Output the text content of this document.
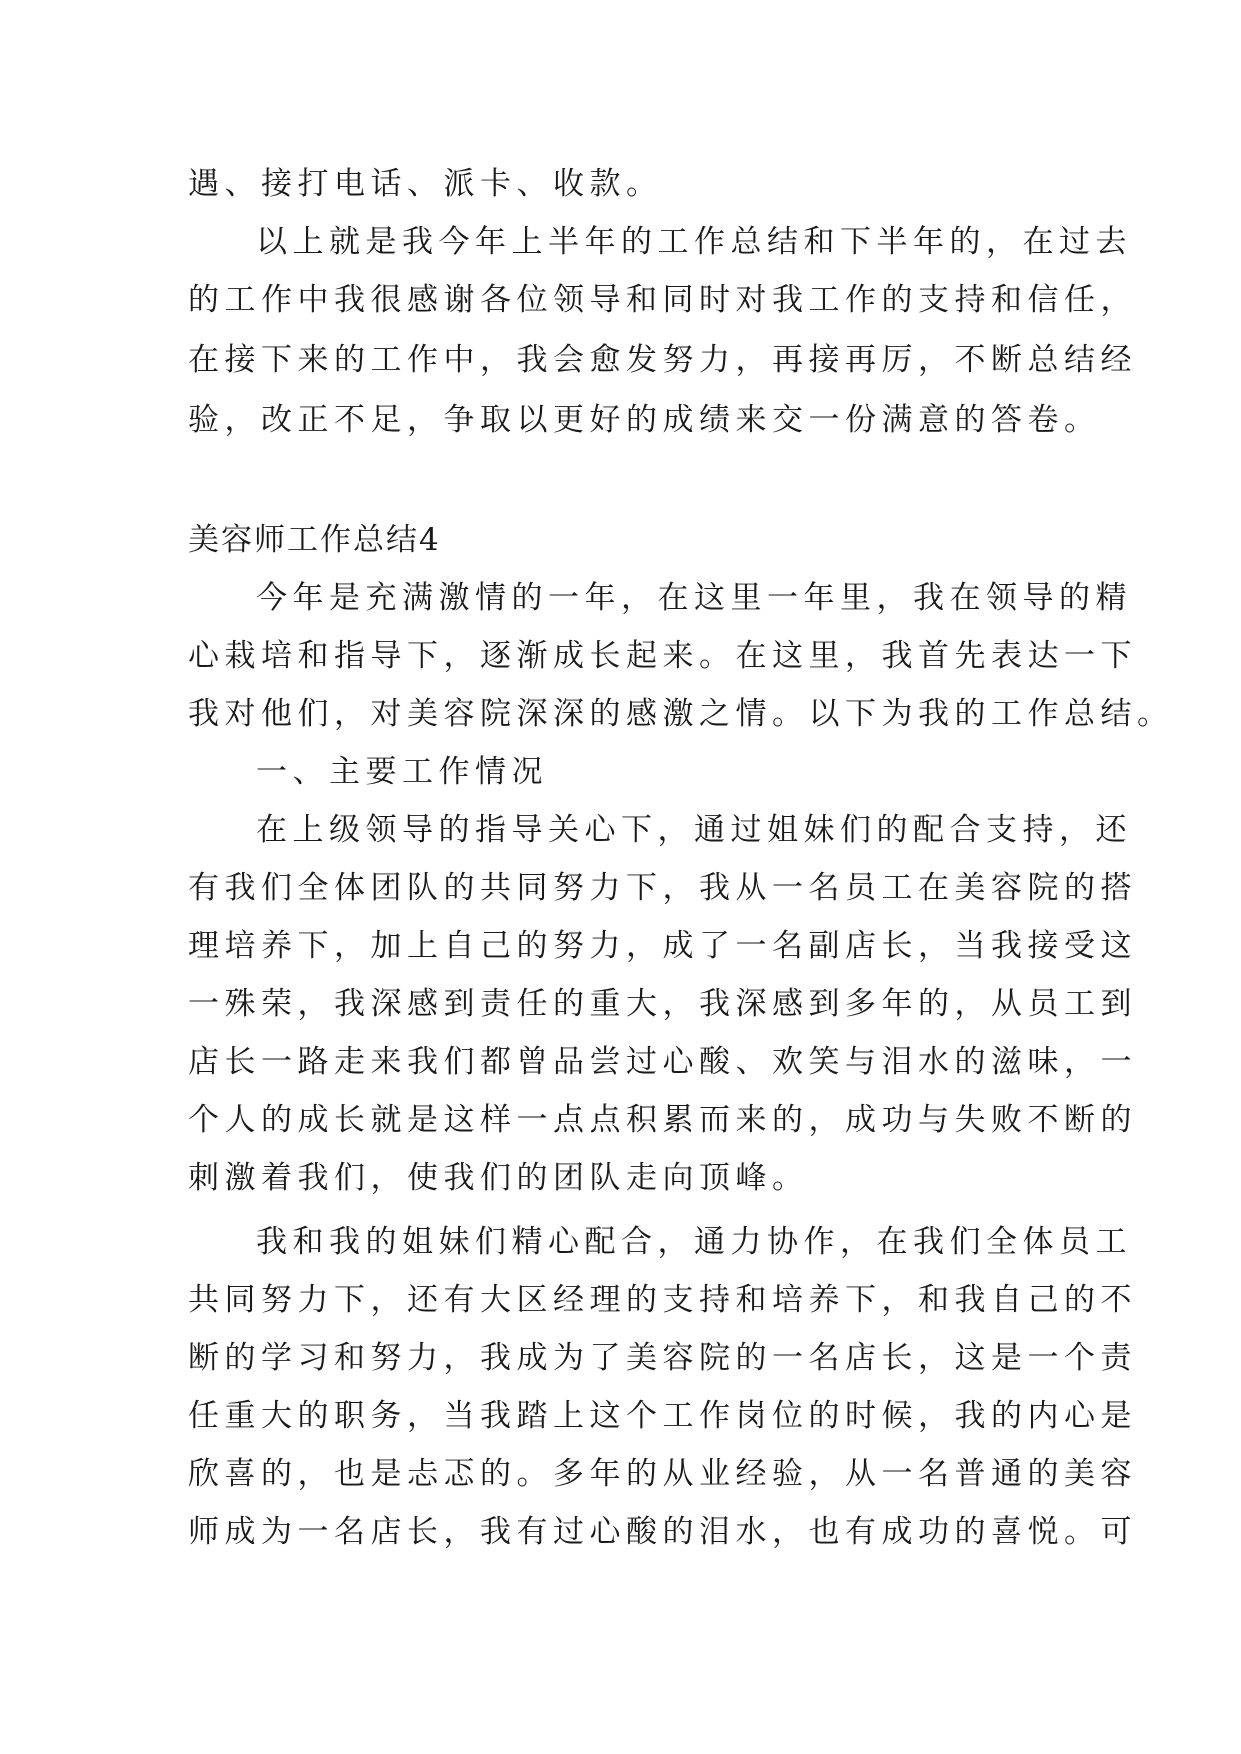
遇、接打电话、派卡、收款。
以上就是我今年上半年的工作总结和下半年的，在过去
的工作中我很感谢各位领导和同时对我工作的支持和信任，
在接下来的工作中，我会愈发努力，再接再厉，不断总结经
验，改正不足，争取以更好的成绩来交一份满意的答卷。
美容师工作总结4
今年是充满激情的一年，在这里一年里，我在领导的精
心栽培和指导下，逐渐成长起来。在这里，我首先表达一下
我对他们，对美容院深深的感激之情。以下为我的工作总结。
一、主要工作情况
在上级领导的指导关心下，通过姐妹们的配合支持，还
有我们全体团队的共同努力下，我从一名员工在美容院的搭
理培养下，加上自己的努力，成了一名副店长，当我接受这
一殊荣，我深感到责任的重大，我深感到多年的，从员工到
店长一路走来我们都曾品尝过心酸、欢笑与泪水的滋味，一
个人的成长就是这样一点点积累而来的，成功与失败不断的
刺激着我们，使我们的团队走向顶峰。
我和我的姐妹们精心配合，通力协作，在我们全体员工
共同努力下，还有大区经理的支持和培养下，和我自己的不
断的学习和努力，我成为了美容院的一名店长，这是一个责
任重大的职务，当我踏上这个工作岗位的时候，我的内心是
欣喜的，也是忐忑的。多年的从业经验，从一名普通的美容
师成为一名店长，我有过心酸的泪水，也有成功的喜悦。可
